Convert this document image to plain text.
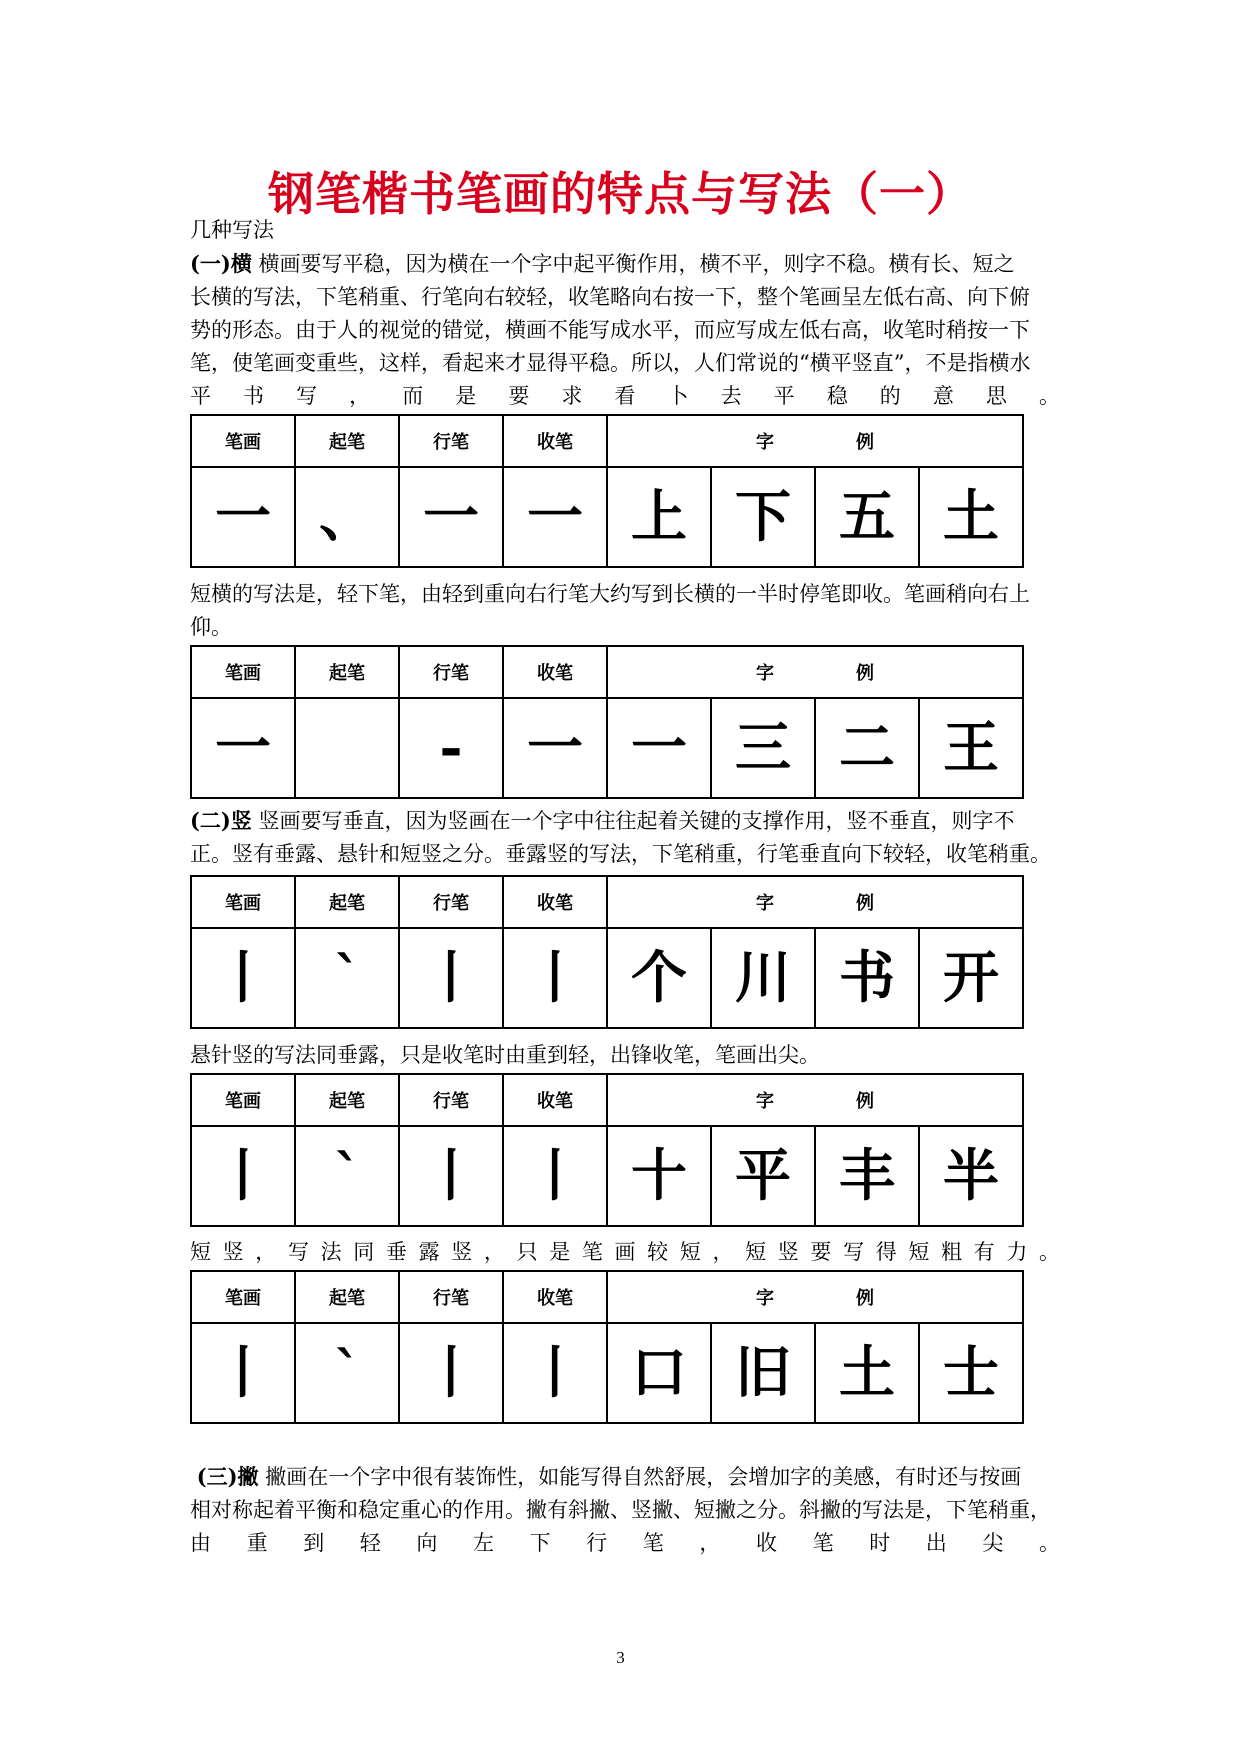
钢笔楷书笔画的特点与写法（一）

几种写法

(一)横 横画要写平稳，因为横在一个字中起平衡作用，横不平，则字不稳。横有长、短之

长横的写法，下笔稍重、行笔向右较轻，收笔略向右按一下，整个笔画呈左低右高、向下俯

势的形态。由于人的视觉的错觉，横画不能写成水平，而应写成左低右高，收笔时稍按一下

笔，使笔画变重些，这样，看起来才显得平稳。所以，人们常说的“横平竖直”，不是指横水

平 书 写 ， 而 是 要 求 看 卜 去 平 稳 的 意 思 。

笔画	起笔	行笔	收笔	字 例			
一	、	一	一	上	下	五	土
短横的写法是，轻下笔，由轻到重向右行笔大约写到长横的一半时停笔即收。笔画稍向右上仰。
笔画	起笔	行笔	收笔	字 例			
一		-	一	一	三	二	王

(二)竖 竖画要写垂直，因为竖画在一个字中往往起着关键的支撑作用，竖不垂直，则字不

正。竖有垂露、悬针和短竖之分。垂露竖的写法，下笔稍重，行笔垂直向下较轻，收笔稍重。

笔画	起笔	行笔	收笔	字 例			
丨	`	丨	丨	个	川	书	开
悬针竖的写法同垂露，只是收笔时由重到轻，出锋收笔，笔画出尖。
笔画	起笔	行笔	收笔	字 例			
丨	`	丨	丨	十	平	丰	半
短 竖 ， 写 法 同 垂 露 竖 ， 只 是 笔 画 较 短 ， 短 竖 要 写 得 短 粗 有 力 。
笔画	起笔	行笔	收笔	字 例			
丨	`	丨	丨	口	旧	土	士

(三)撇 撇画在一个字中很有装饰性，如能写得自然舒展，会增加字的美感，有时还与按画

相对称起着平衡和稳定重心的作用。撇有斜撇、竖撇、短撇之分。斜撇的写法是，下笔稍重，

由 重 到 轻 向 左 下 行 笔 ， 收 笔 时 出 尖 。

3
